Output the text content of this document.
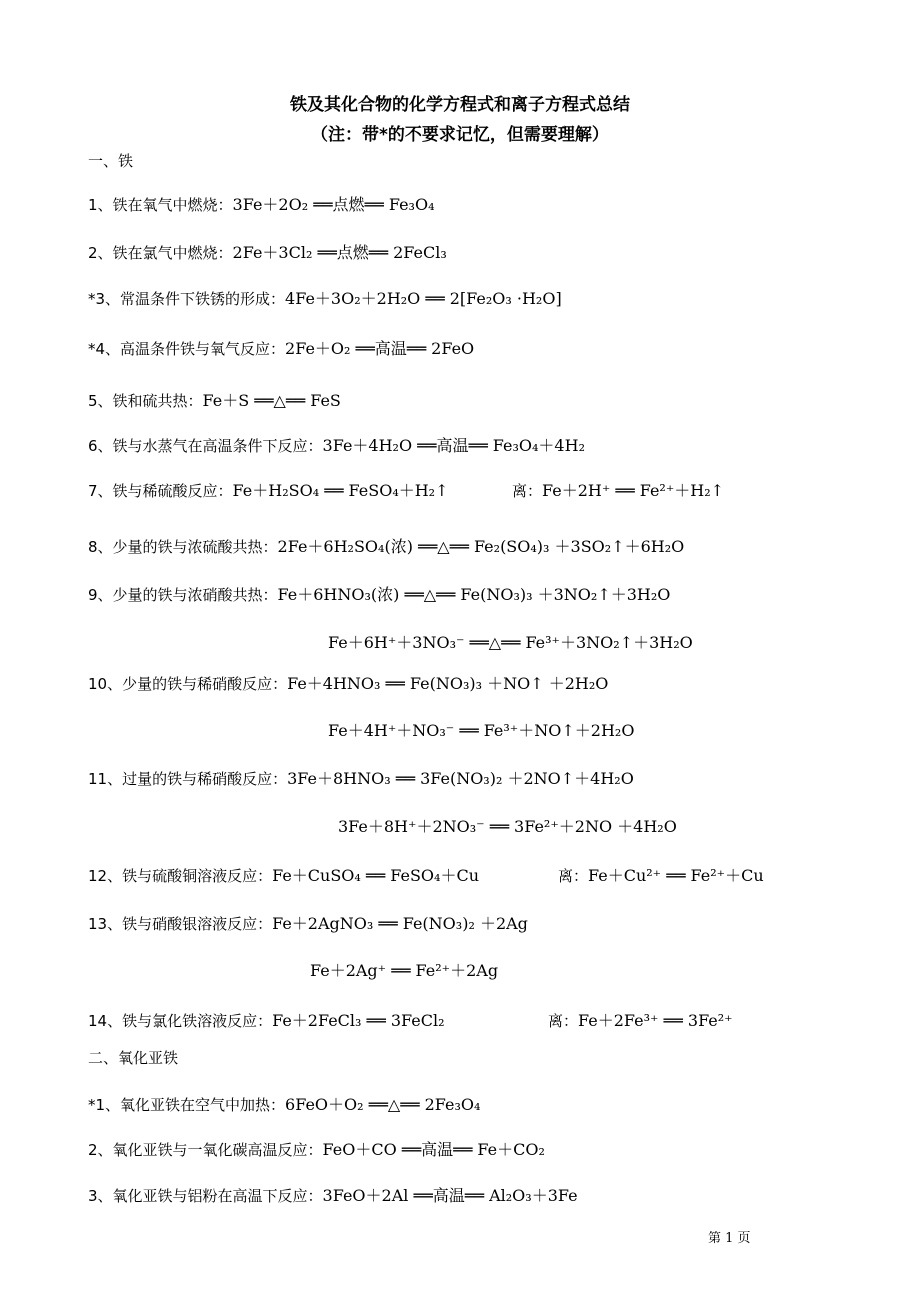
铁及其化合物的化学方程式和离子方程式总结
（注：带*的不要求记忆，但需要理解）
一、铁
1、铁在氧气中燃烧：3Fe＋2O₂ ══点燃══ Fe₃O₄
2、铁在氯气中燃烧：2Fe＋3Cl₂ ══点燃══ 2FeCl₃
*3、常温条件下铁锈的形成：4Fe＋3O₂＋2H₂O ══ 2[Fe₂O₃ ·H₂O]
*4、高温条件铁与氧气反应：2Fe＋O₂ ══高温══ 2FeO
5、铁和硫共热：Fe＋S ══△══ FeS
6、铁与水蒸气在高温条件下反应：3Fe＋4H₂O ══高温══ Fe₃O₄＋4H₂
7、铁与稀硫酸反应：Fe＋H₂SO₄ ══ FeSO₄＋H₂↑	离：Fe＋2H⁺ ══ Fe²⁺＋H₂↑
8、少量的铁与浓硫酸共热：2Fe＋6H₂SO₄(浓) ══△══ Fe₂(SO₄)₃ ＋3SO₂↑＋6H₂O
9、少量的铁与浓硝酸共热：Fe＋6HNO₃(浓) ══△══ Fe(NO₃)₃ ＋3NO₂↑＋3H₂O
Fe＋6H⁺＋3NO₃⁻ ══△══ Fe³⁺＋3NO₂↑＋3H₂O
10、少量的铁与稀硝酸反应：Fe＋4HNO₃ ══ Fe(NO₃)₃ ＋NO↑ ＋2H₂O
Fe＋4H⁺＋NO₃⁻ ══ Fe³⁺＋NO↑＋2H₂O
11、过量的铁与稀硝酸反应：3Fe＋8HNO₃ ══ 3Fe(NO₃)₂ ＋2NO↑＋4H₂O
3Fe＋8H⁺＋2NO₃⁻ ══ 3Fe²⁺＋2NO ＋4H₂O
12、铁与硫酸铜溶液反应：Fe＋CuSO₄ ══ FeSO₄＋Cu	离：Fe＋Cu²⁺ ══ Fe²⁺＋Cu
13、铁与硝酸银溶液反应：Fe＋2AgNO₃ ══ Fe(NO₃)₂ ＋2Ag
Fe＋2Ag⁺ ══ Fe²⁺＋2Ag
14、铁与氯化铁溶液反应：Fe＋2FeCl₃ ══ 3FeCl₂	离：Fe＋2Fe³⁺ ══ 3Fe²⁺
二、氧化亚铁
*1、氧化亚铁在空气中加热：6FeO＋O₂ ══△══ 2Fe₃O₄
2、氧化亚铁与一氧化碳高温反应：FeO＋CO ══高温══ Fe＋CO₂
3、氧化亚铁与铝粉在高温下反应：3FeO＋2Al ══高温══ Al₂O₃＋3Fe
第 1 页
